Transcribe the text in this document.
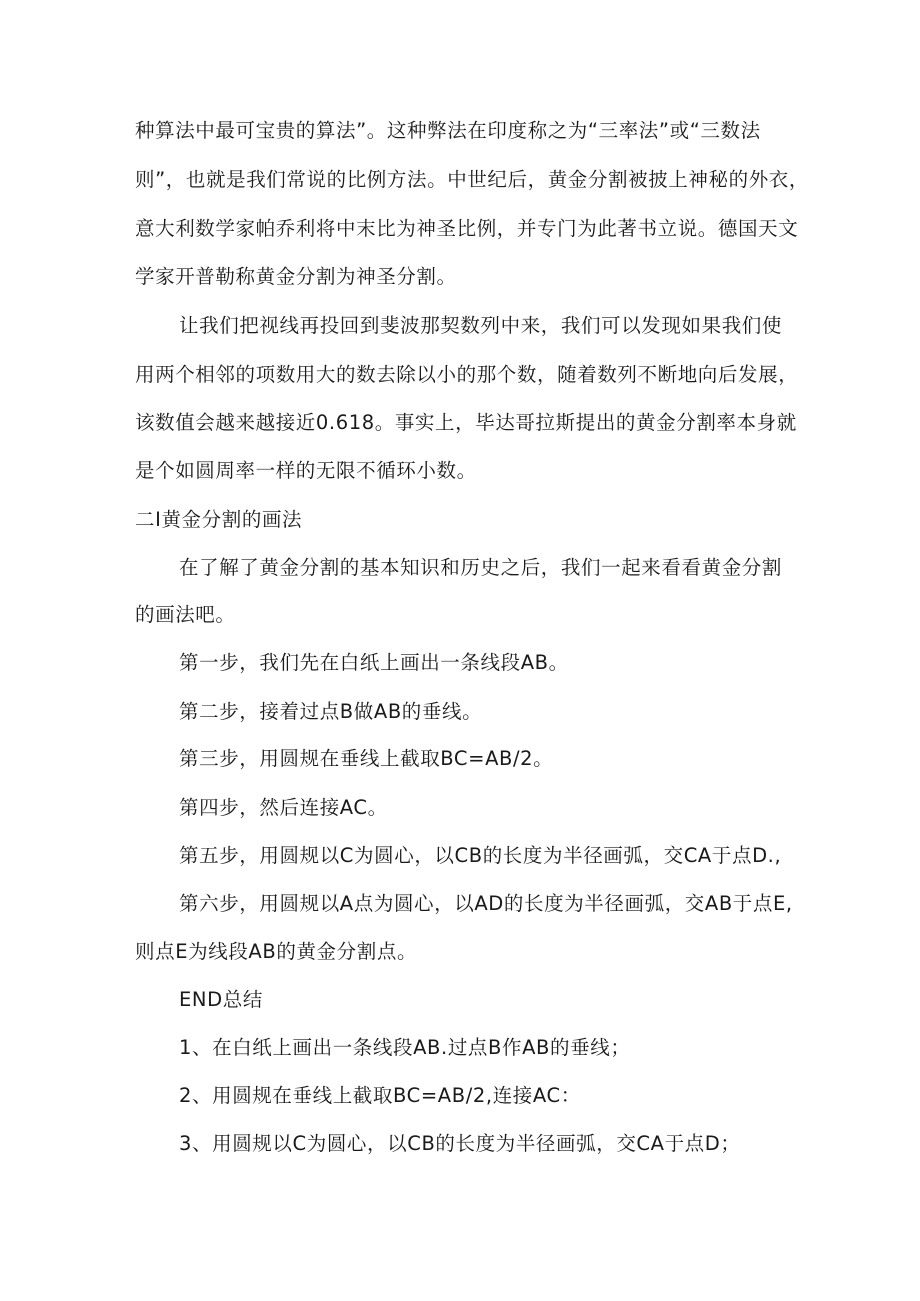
种算法中最可宝贵的算法”。这种弊法在印度称之为“三率法”或“三数法
则”，也就是我们常说的比例方法。中世纪后，黄金分割被披上神秘的外衣，
意大利数学家帕乔利将中末比为神圣比例，并专门为此著书立说。德国天文
学家开普勒称黄金分割为神圣分割。
让我们把视线再投回到斐波那契数列中来，我们可以发现如果我们使
用两个相邻的项数用大的数去除以小的那个数，随着数列不断地向后发展，
该数值会越来越接近0.618。事实上，毕达哥拉斯提出的黄金分割率本身就
是个如圆周率一样的无限不循环小数。
二I黄金分割的画法
在了解了黄金分割的基本知识和历史之后，我们一起来看看黄金分割
的画法吧。
第一步，我们先在白纸上画出一条线段AB。
第二步，接着过点B做AB的垂线。
第三步，用圆规在垂线上截取BC=AB/2。
第四步，然后连接AC。
第五步，用圆规以C为圆心，以CB的长度为半径画弧，交CA于点D.,
第六步，用圆规以A点为圆心，以AD的长度为半径画弧，交AB于点E,
则点E为线段AB的黄金分割点。
END总结
1、在白纸上画出一条线段AB.过点B作AB的垂线；
2、用圆规在垂线上截取BC=AB/2,连接AC：
3、用圆规以C为圆心，以CB的长度为半径画弧，交CA于点D；
